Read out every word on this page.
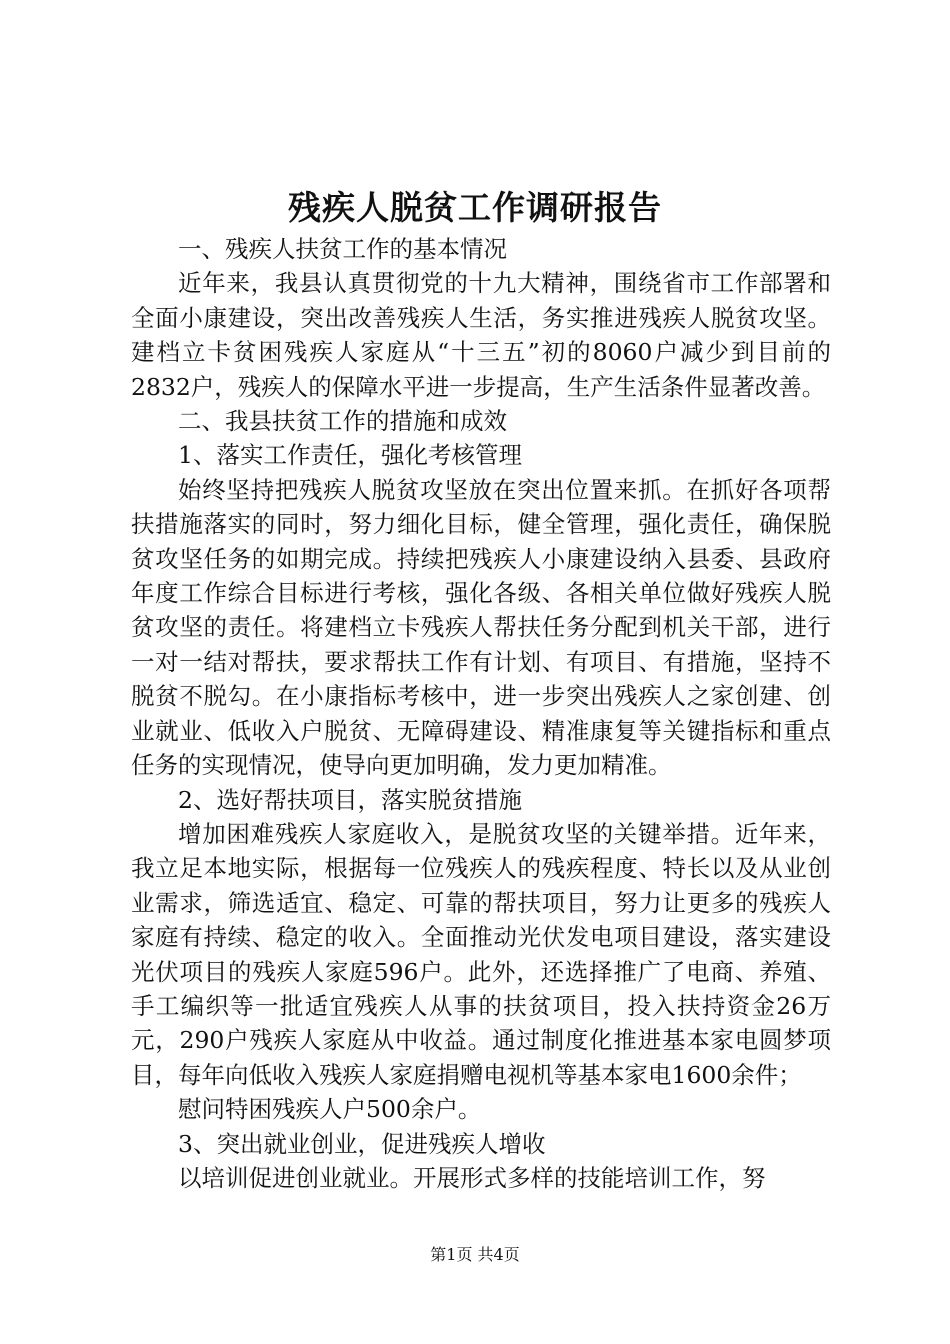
残疾人脱贫工作调研报告

一、残疾人扶贫工作的基本情况

近年来，我县认真贯彻党的十九大精神，围绕省市工作部署和全面小康建设，突出改善残疾人生活，务实推进残疾人脱贫攻坚。建档立卡贫困残疾人家庭从“十三五”初的8060户减少到目前的2832户，残疾人的保障水平进一步提高，生产生活条件显著改善。

二、我县扶贫工作的措施和成效

1、落实工作责任，强化考核管理

始终坚持把残疾人脱贫攻坚放在突出位置来抓。在抓好各项帮扶措施落实的同时，努力细化目标，健全管理，强化责任，确保脱贫攻坚任务的如期完成。持续把残疾人小康建设纳入县委、县政府年度工作综合目标进行考核，强化各级、各相关单位做好残疾人脱贫攻坚的责任。将建档立卡残疾人帮扶任务分配到机关干部，进行一对一结对帮扶，要求帮扶工作有计划、有项目、有措施，坚持不脱贫不脱勾。在小康指标考核中，进一步突出残疾人之家创建、创业就业、低收入户脱贫、无障碍建设、精准康复等关键指标和重点任务的实现情况，使导向更加明确，发力更加精准。

2、选好帮扶项目，落实脱贫措施

增加困难残疾人家庭收入，是脱贫攻坚的关键举措。近年来，我立足本地实际，根据每一位残疾人的残疾程度、特长以及从业创业需求，筛选适宜、稳定、可靠的帮扶项目，努力让更多的残疾人家庭有持续、稳定的收入。全面推动光伏发电项目建设，落实建设光伏项目的残疾人家庭596户。此外，还选择推广了电商、养殖、手工编织等一批适宜残疾人从事的扶贫项目，投入扶持资金26万元，290户残疾人家庭从中收益。通过制度化推进基本家电圆梦项目，每年向低收入残疾人家庭捐赠电视机等基本家电1600余件；

慰问特困残疾人户500余户。

3、突出就业创业，促进残疾人增收

以培训促进创业就业。开展形式多样的技能培训工作，努

第1页 共4页
